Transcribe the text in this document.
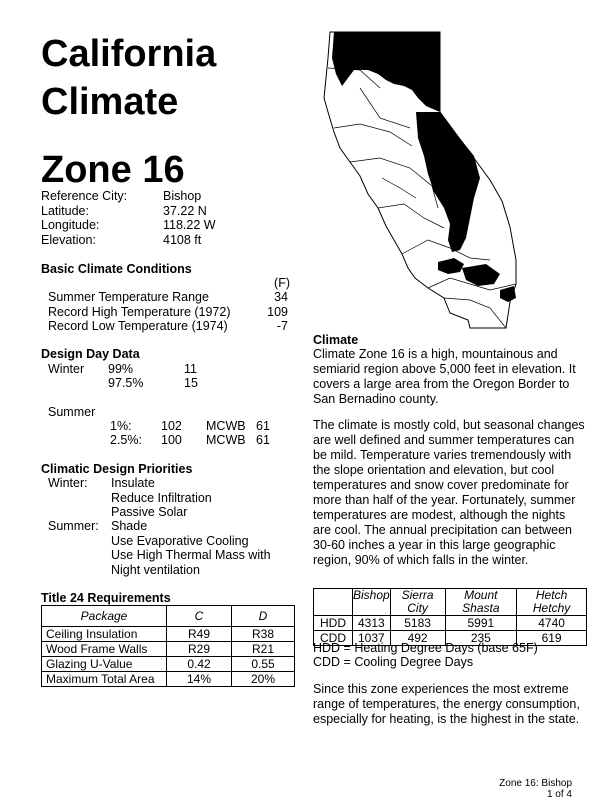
California
Climate
Zone 16
Reference City:	Bishop
Latitude:	37.22 N
Longitude:	118.22 W
Elevation:	4108 ft
Basic Climate Conditions
(F)
Summer Temperature Range	34
Record High Temperature (1972)	109
Record Low Temperature (1974)	-7
Design Day Data
Winter 99%	11
97.5%	15
Summer
1%: 102 MCWB 61
2.5%: 100 MCWB 61
Climatic Design Priorities
Winter: Insulate
Reduce Infiltration
Passive Solar
Summer: Shade
Use Evaporative Cooling
Use High Thermal Mass with
Night ventilation
Title 24 Requirements
Package	C	D
Ceiling Insulation	R49	R38
Wood Frame Walls	R29	R21
Glazing U-Value	0.42	0.55
Maximum Total Area	14%	20%
Climate
Climate Zone 16 is a high, mountainous and semiarid region above 5,000 feet in elevation. It covers a large area from the Oregon Border to San Bernadino county.
The climate is mostly cold, but seasonal changes are well defined and summer temperatures can be mild. Temperature varies tremendously with the slope orientation and elevation, but cool temperatures and snow cover predominate for more than half of the year. Fortunately, summer temperatures are modest, although the nights are cool. The annual precipitation can between 30-60 inches a year in this large geographic region, 90% of which falls in the winter.
	Bishop	Sierra City	Mount Shasta	Hetch Hetchy
HDD	4313	5183	5991	4740
CDD	1037	492	235	619
HDD = Heating Degree Days (base 65F)
CDD = Cooling Degree Days
Since this zone experiences the most extreme range of temperatures, the energy consumption, especially for heating, is the highest in the state.
Zone 16: Bishop
1 of 4
